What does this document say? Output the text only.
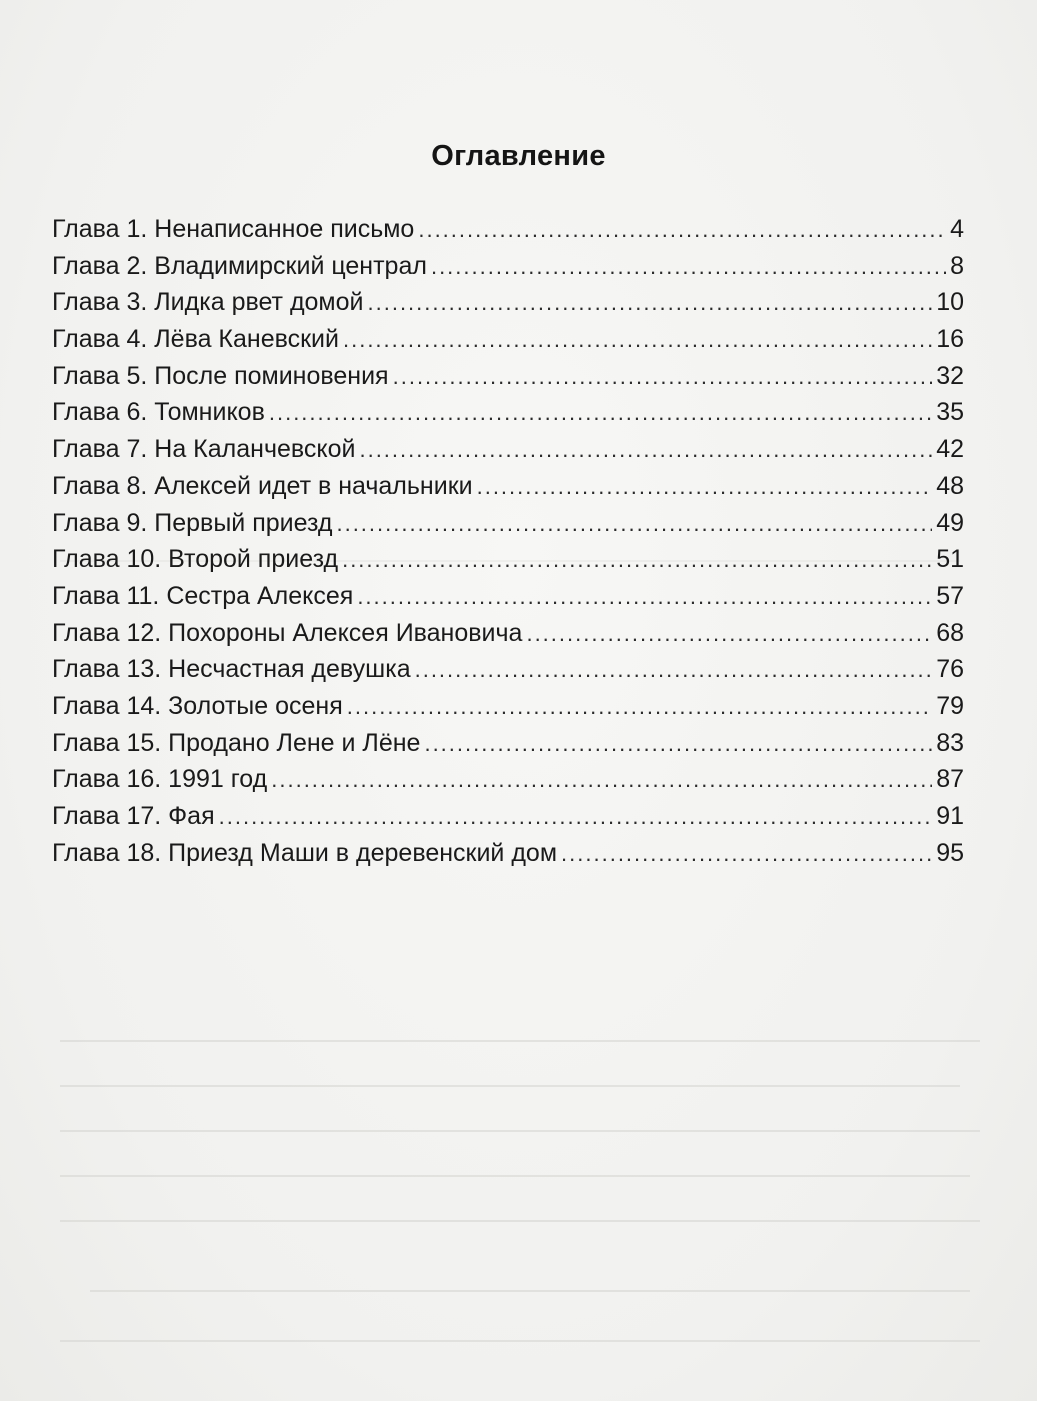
Оглавление
Глава 1. Ненаписанное письмо .....	4
Глава 2. Владимирский централ .....	8
Глава 3. Лидка рвет домой .....	10
Глава 4. Лёва Каневский .....	16
Глава 5. После поминовения .....	32
Глава 6. Томников .....	35
Глава 7. На Каланчевской .....	42
Глава 8. Алексей идет в начальники .....	48
Глава 9. Первый приезд .....	49
Глава 10. Второй приезд .....	51
Глава 11. Сестра Алексея .....	57
Глава 12. Похороны Алексея Ивановича .....	68
Глава 13. Несчастная девушка .....	76
Глава 14. Золотые осеня .....	79
Глава 15. Продано Лене и Лёне .....	83
Глава 16. 1991 год .....	87
Глава 17. Фая .....	91
Глава 18. Приезд Маши в деревенский дом .....	95
